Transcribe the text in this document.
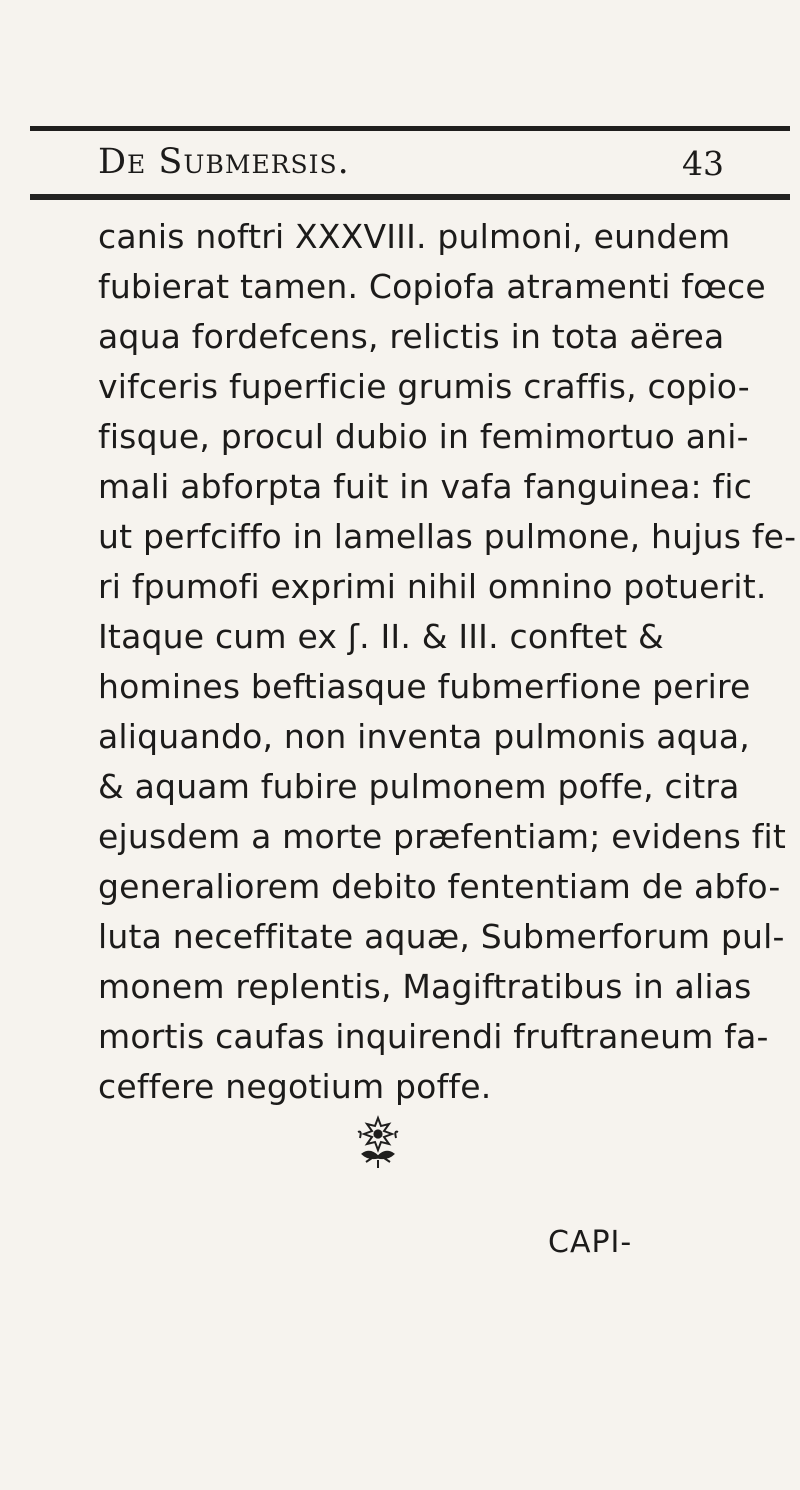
De Submersis.	43
canis noftri XXXVIII. pulmoni, eundem
fubierat tamen. Copiofa atramenti fœce
aqua fordefcens, relictis in tota aërea
vifceris fuperficie grumis craffis, copio-
fisque, procul dubio in femimortuo ani-
mali abforpta fuit in vafa fanguinea: fic
ut perfciffo in lamellas pulmone, hujus fe-
ri fpumofi exprimi nihil omnino potuerit.
Itaque cum ex ʃ. II. & III. conftet &
homines beftiasque fubmerfione perire
aliquando, non inventa pulmonis aqua,
& aquam fubire pulmonem poffe, citra
ejusdem a morte præfentiam; evidens fit
generaliorem debito fententiam de abfo-
luta neceffitate aquæ, Submerforum pul-
monem replentis, Magiftratibus in alias
mortis caufas inquirendi fruftraneum fa-
ceffere negotium poffe.
CAPI-
